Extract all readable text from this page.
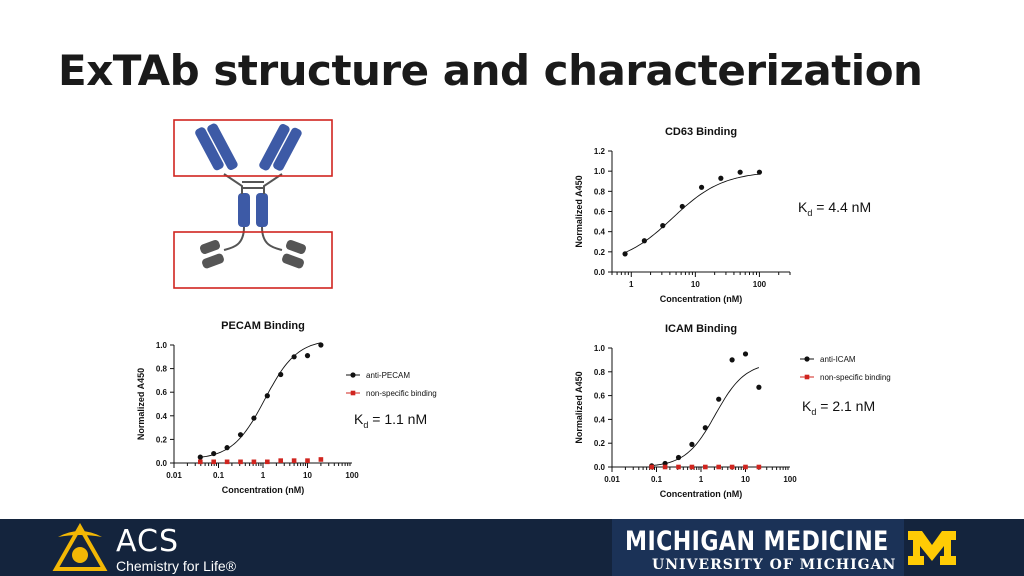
ExTAb structure and characterization
CD63 Binding
0.0
0.2
0.4
0.6
0.8
1.0
1.2
1	10	100
Concentration (nM)
Normalized A450
PECAM Binding
0.0
0.2
0.4
0.6
0.8
1.0
0.01	0.1	1	10	100
Concentration (nM)
Normalized A450	anti-PECAM
non-specific binding
ICAM Binding
0.0
0.2
0.4
0.6
0.8
1.0
0.01	0.1	1	10	100
Concentration (nM)
Normalized A450
anti-ICAM
non-specific binding
$K_d = 4.4$ nM
$K_d = 1.1$ nM
$K_d = 2.1$ nM
ACS
Chemistry for Life®
MICHIGAN MEDICINE
UNIVERSITY OF MICHIGAN
